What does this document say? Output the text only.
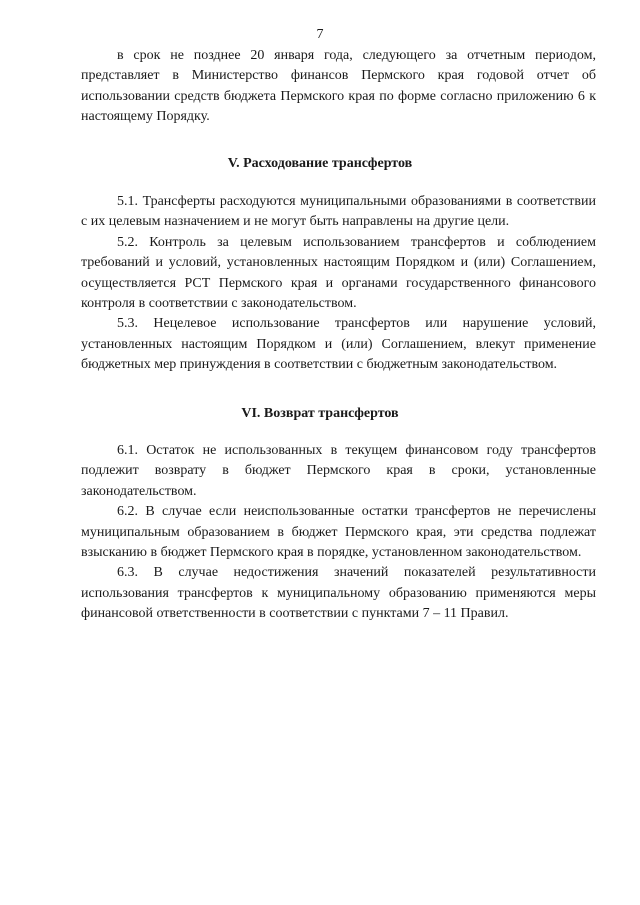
7

в срок не позднее 20 января года, следующего за отчетным периодом, представляет в Министерство финансов Пермского края годовой отчет об использовании средств бюджета Пермского края по форме согласно приложению 6 к настоящему Порядку.

V. Расходование трансфертов

5.1. Трансферты расходуются муниципальными образованиями в соответствии с их целевым назначением и не могут быть направлены на другие цели.

5.2. Контроль за целевым использованием трансфертов и соблюдением требований и условий, установленных настоящим Порядком и (или) Соглашением, осуществляется РСТ Пермского края и органами государственного финансового контроля в соответствии с законодательством.

5.3. Нецелевое использование трансфертов или нарушение условий, установленных настоящим Порядком и (или) Соглашением, влекут применение бюджетных мер принуждения в соответствии с бюджетным законодательством.

VI. Возврат трансфертов

6.1. Остаток не использованных в текущем финансовом году трансфертов подлежит возврату в бюджет Пермского края в сроки, установленные законодательством.

6.2. В случае если неиспользованные остатки трансфертов не перечислены муниципальным образованием в бюджет Пермского края, эти средства подлежат взысканию в бюджет Пермского края в порядке, установленном законодательством.

6.3. В случае недостижения значений показателей результативности использования трансфертов к муниципальному образованию применяются меры финансовой ответственности в соответствии с пунктами 7 – 11 Правил.
